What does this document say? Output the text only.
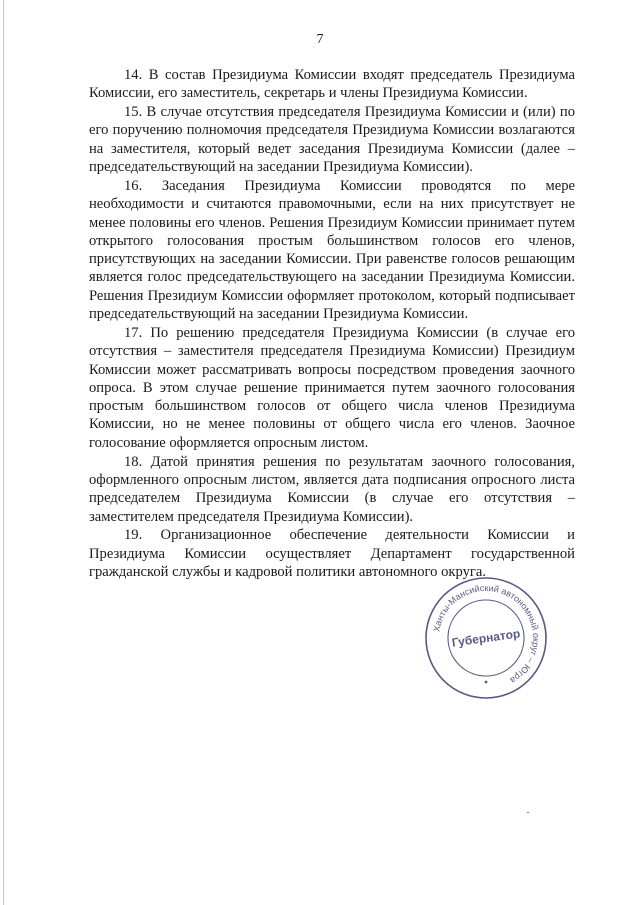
7

14. В состав Президиума Комиссии входят председатель Президиума Комиссии, его заместитель, секретарь и члены Президиума Комиссии.

15. В случае отсутствия председателя Президиума Комиссии и (или) по его поручению полномочия председателя Президиума Комиссии возлагаются на заместителя, который ведет заседания Президиума Комиссии (далее – председательствующий на заседании Президиума Комиссии).

16. Заседания Президиума Комиссии проводятся по мере необходимости и считаются правомочными, если на них присутствует не менее половины его членов. Решения Президиум Комиссии принимает путем открытого голосования простым большинством голосов его членов, присутствующих на заседании Комиссии. При равенстве голосов решающим является голос председательствующего на заседании Президиума Комиссии. Решения Президиум Комиссии оформляет протоколом, который подписывает председательствующий на заседании Президиума Комиссии.

17. По решению председателя Президиума Комиссии (в случае его отсутствия – заместителя председателя Президиума Комиссии) Президиум Комиссии может рассматривать вопросы посредством проведения заочного опроса. В этом случае решение принимается путем заочного голосования простым большинством голосов от общего числа членов Президиума Комиссии, но не менее половины от общего числа его членов. Заочное голосование оформляется опросным листом.

18. Датой принятия решения по результатам заочного голосования, оформленного опросным листом, является дата подписания опросного листа председателем Президиума Комиссии (в случае его отсутствия – заместителем председателя Президиума Комиссии).

19. Организационное обеспечение деятельности Комиссии и Президиума Комиссии осуществляет Департамент государственной гражданской службы и кадровой политики автономного округа.

Ханты-Мансийский автономный округ – Югра
Губернатор
